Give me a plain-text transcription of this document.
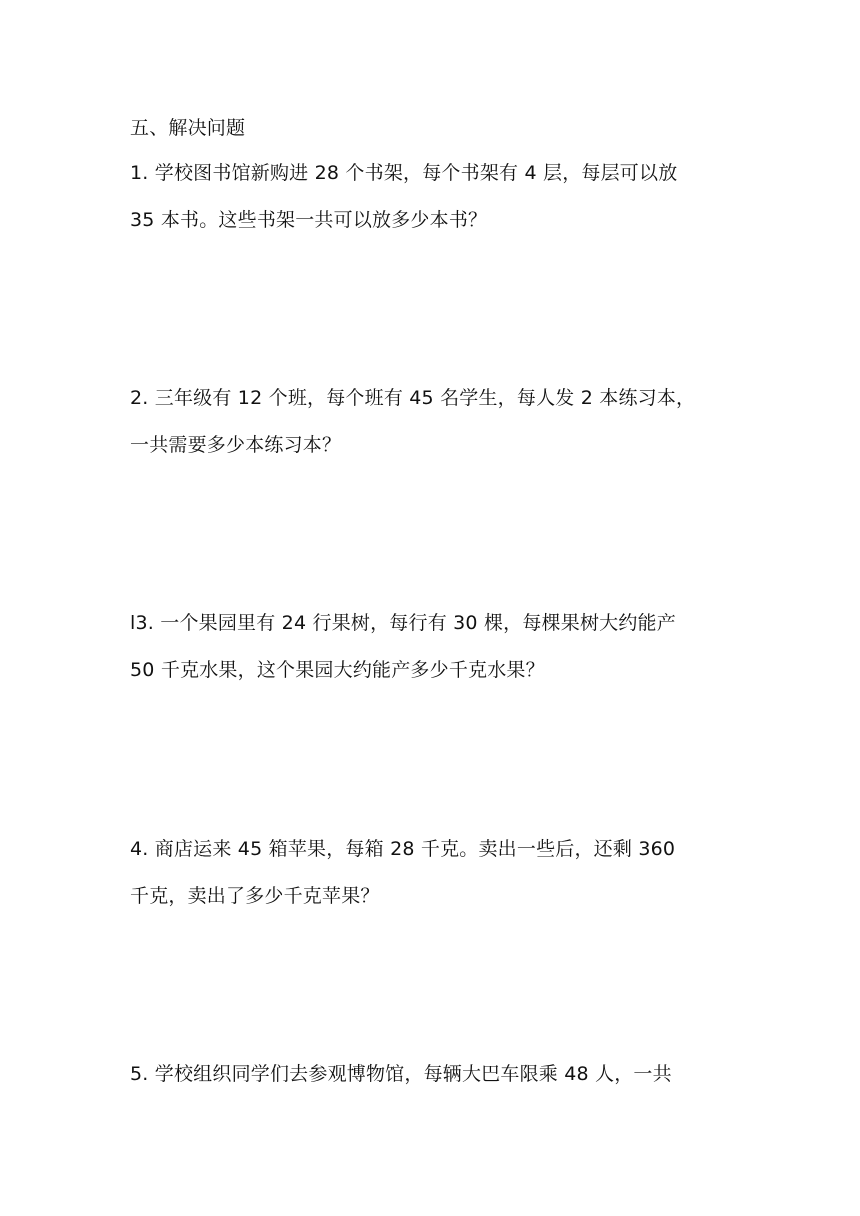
五、解决问题
1. 学校图书馆新购进 28 个书架，每个书架有 4 层，每层可以放
35 本书。这些书架一共可以放多少本书？
2. 三年级有 12 个班，每个班有 45 名学生，每人发 2 本练习本，
一共需要多少本练习本？
l3. 一个果园里有 24 行果树，每行有 30 棵，每棵果树大约能产
50 千克水果，这个果园大约能产多少千克水果？
4. 商店运来 45 箱苹果，每箱 28 千克。卖出一些后，还剩 360
千克，卖出了多少千克苹果？
5. 学校组织同学们去参观博物馆，每辆大巴车限乘 48 人，一共
